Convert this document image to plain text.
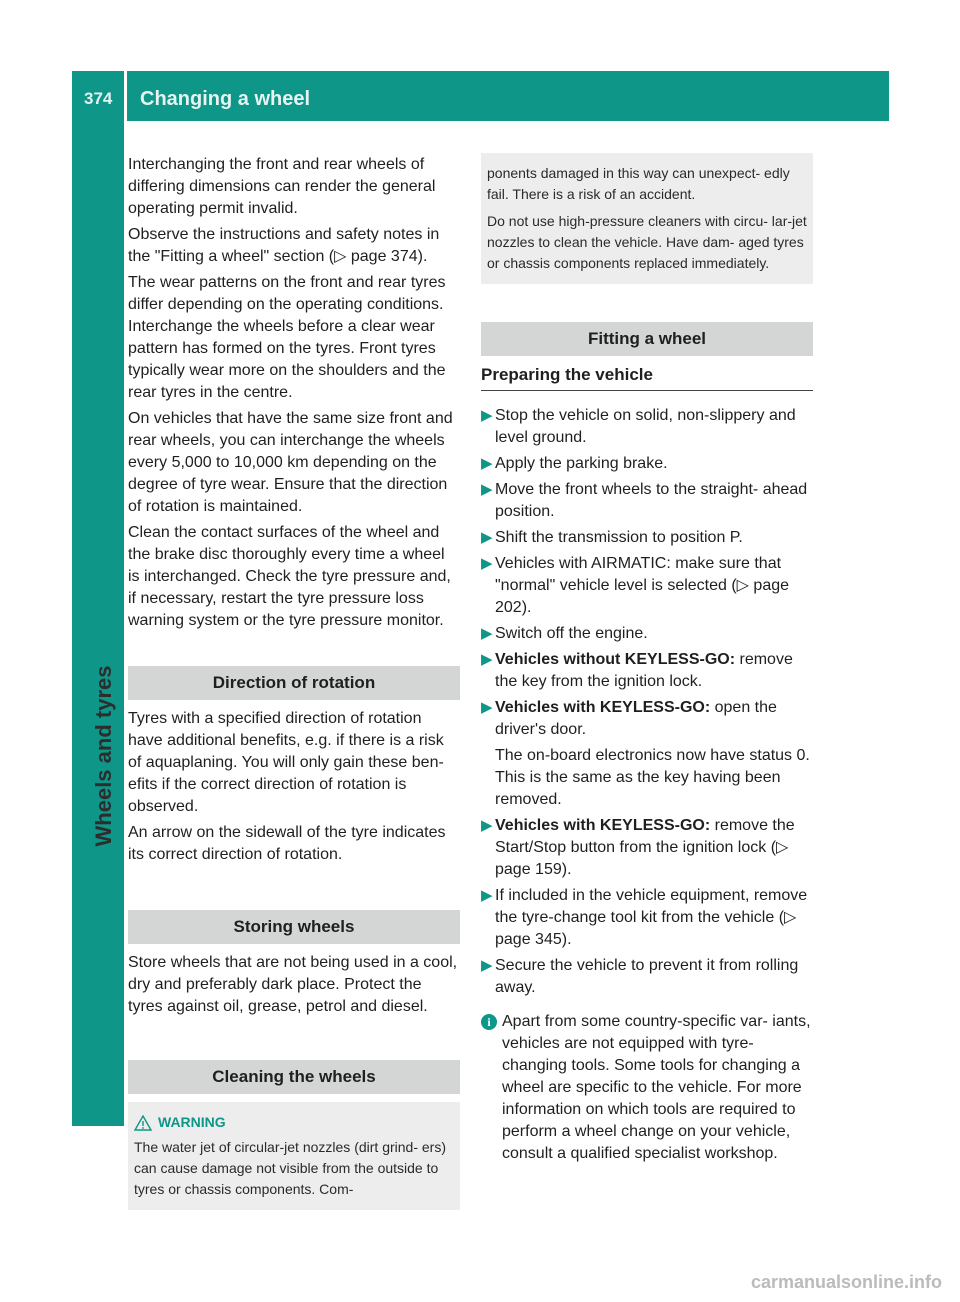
374 Changing a wheel
Wheels and tyres

Interchanging the front and rear wheels of differing dimensions can render the general operating permit invalid.

Observe the instructions and safety notes in the "Fitting a wheel" section (▷ page 374).

The wear patterns on the front and rear tyres differ depending on the operating conditions. Interchange the wheels before a clear wear pattern has formed on the tyres. Front tyres typically wear more on the shoulders and the rear tyres in the centre.

On vehicles that have the same size front and rear wheels, you can interchange the wheels every 5,000 to 10,000 km depending on the degree of tyre wear. Ensure that the direction of rotation is maintained.

Clean the contact surfaces of the wheel and the brake disc thoroughly every time a wheel is interchanged. Check the tyre pressure and, if necessary, restart the tyre pressure loss warning system or the tyre pressure monitor.

Direction of rotation

Tyres with a specified direction of rotation have additional benefits, e.g. if there is a risk of aquaplaning. You will only gain these ben- efits if the correct direction of rotation is observed.

An arrow on the sidewall of the tyre indicates its correct direction of rotation.

Storing wheels

Store wheels that are not being used in a cool, dry and preferably dark place. Protect the tyres against oil, grease, petrol and diesel.

Cleaning the wheels
WARNING
The water jet of circular-jet nozzles (dirt grind- ers) can cause damage not visible from the outside to tyres or chassis components. Com-
ponents damaged in this way can unexpect- edly fail. There is a risk of an accident.
Do not use high-pressure cleaners with circu- lar-jet nozzles to clean the vehicle. Have dam- aged tyres or chassis components replaced immediately.
Fitting a wheel
Preparing the vehicle
▶ Stop the vehicle on solid, non-slippery and level ground.
▶ Apply the parking brake.
▶ Move the front wheels to the straight- ahead position.
▶ Shift the transmission to position P.
▶ Vehicles with AIRMATIC: make sure that "normal" vehicle level is selected (▷ page 202).
▶ Switch off the engine.
▶ Vehicles without KEYLESS-GO: remove the key from the ignition lock.
▶ Vehicles with KEYLESS-GO: open the driver's door.
The on-board electronics now have status 0. This is the same as the key having been removed.
▶ Vehicles with KEYLESS-GO: remove the Start/Stop button from the ignition lock (▷ page 159).
▶ If included in the vehicle equipment, remove the tyre-change tool kit from the vehicle (▷ page 345).
▶ Secure the vehicle to prevent it from rolling away.
i Apart from some country-specific var- iants, vehicles are not equipped with tyre- changing tools. Some tools for changing a wheel are specific to the vehicle. For more information on which tools are required to perform a wheel change on your vehicle, consult a qualified specialist workshop.
carmanualsonline.info
